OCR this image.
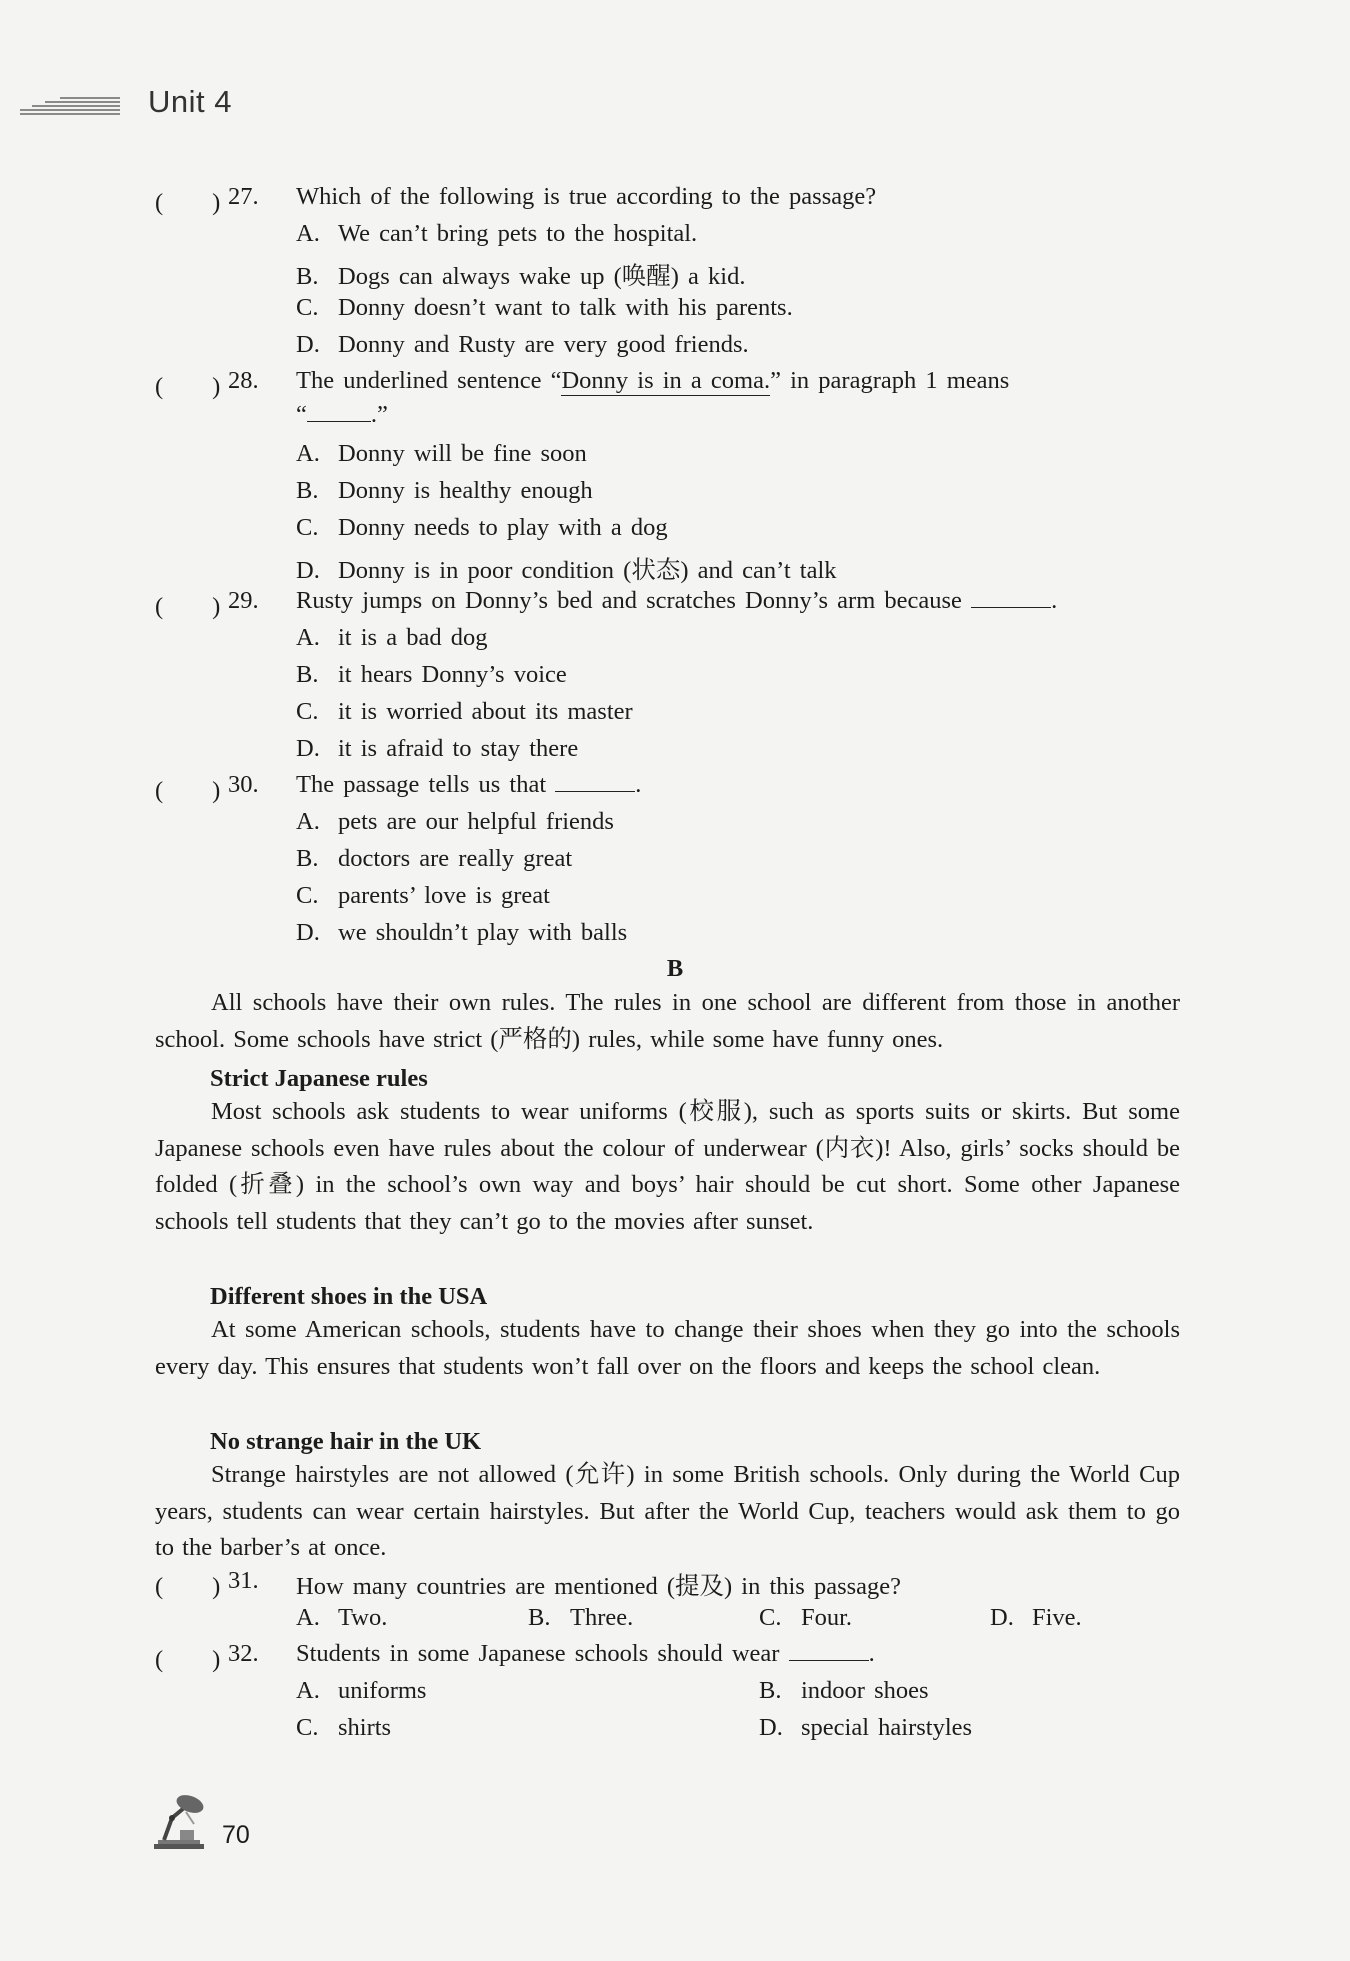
Unit 4
(　　) 27. Which of the following is true according to the passage?
A. We can’t bring pets to the hospital.
B. Dogs can always wake up (唤醒) a kid.
C. Donny doesn’t want to talk with his parents.
D. Donny and Rusty are very good friends.
(　　) 28. The underlined sentence “Donny is in a coma.” in paragraph 1 means
“	.”
A. Donny will be fine soon
B. Donny is healthy enough
C. Donny needs to play with a dog
D. Donny is in poor condition (状态) and can’t talk
(　　) 29. Rusty jumps on Donny’s bed and scratches Donny’s arm because	.
A. it is a bad dog
B. it hears Donny’s voice
C. it is worried about its master
D. it is afraid to stay there
(　　) 30. The passage tells us that	.
A. pets are our helpful friends
B. doctors are really great
C. parents’ love is great
D. we shouldn’t play with balls
B

All schools have their own rules. The rules in one school are different from those in another school. Some schools have strict (严格的) rules, while some have funny ones.

Strict Japanese rules

Most schools ask students to wear uniforms (校服), such as sports suits or skirts. But some Japanese schools even have rules about the colour of underwear (内衣)! Also, girls’ socks should be folded (折叠) in the school’s own way and boys’ hair should be cut short. Some other Japanese schools tell students that they can’t go to the movies after sunset.

Different shoes in the USA

At some American schools, students have to change their shoes when they go into the schools every day. This ensures that students won’t fall over on the floors and keeps the school clean.

No strange hair in the UK

Strange hairstyles are not allowed (允许) in some British schools. Only during the World Cup years, students can wear certain hairstyles. But after the World Cup, teachers would ask them to go to the barber’s at once.

(　　) 31. How many countries are mentioned (提及) in this passage?
A. Two.	B. Three.	C. Four.	D. Five.
(　　) 32. Students in some Japanese schools should wear	.
A. uniforms	B. indoor shoes
C. shirts	D. special hairstyles
70
